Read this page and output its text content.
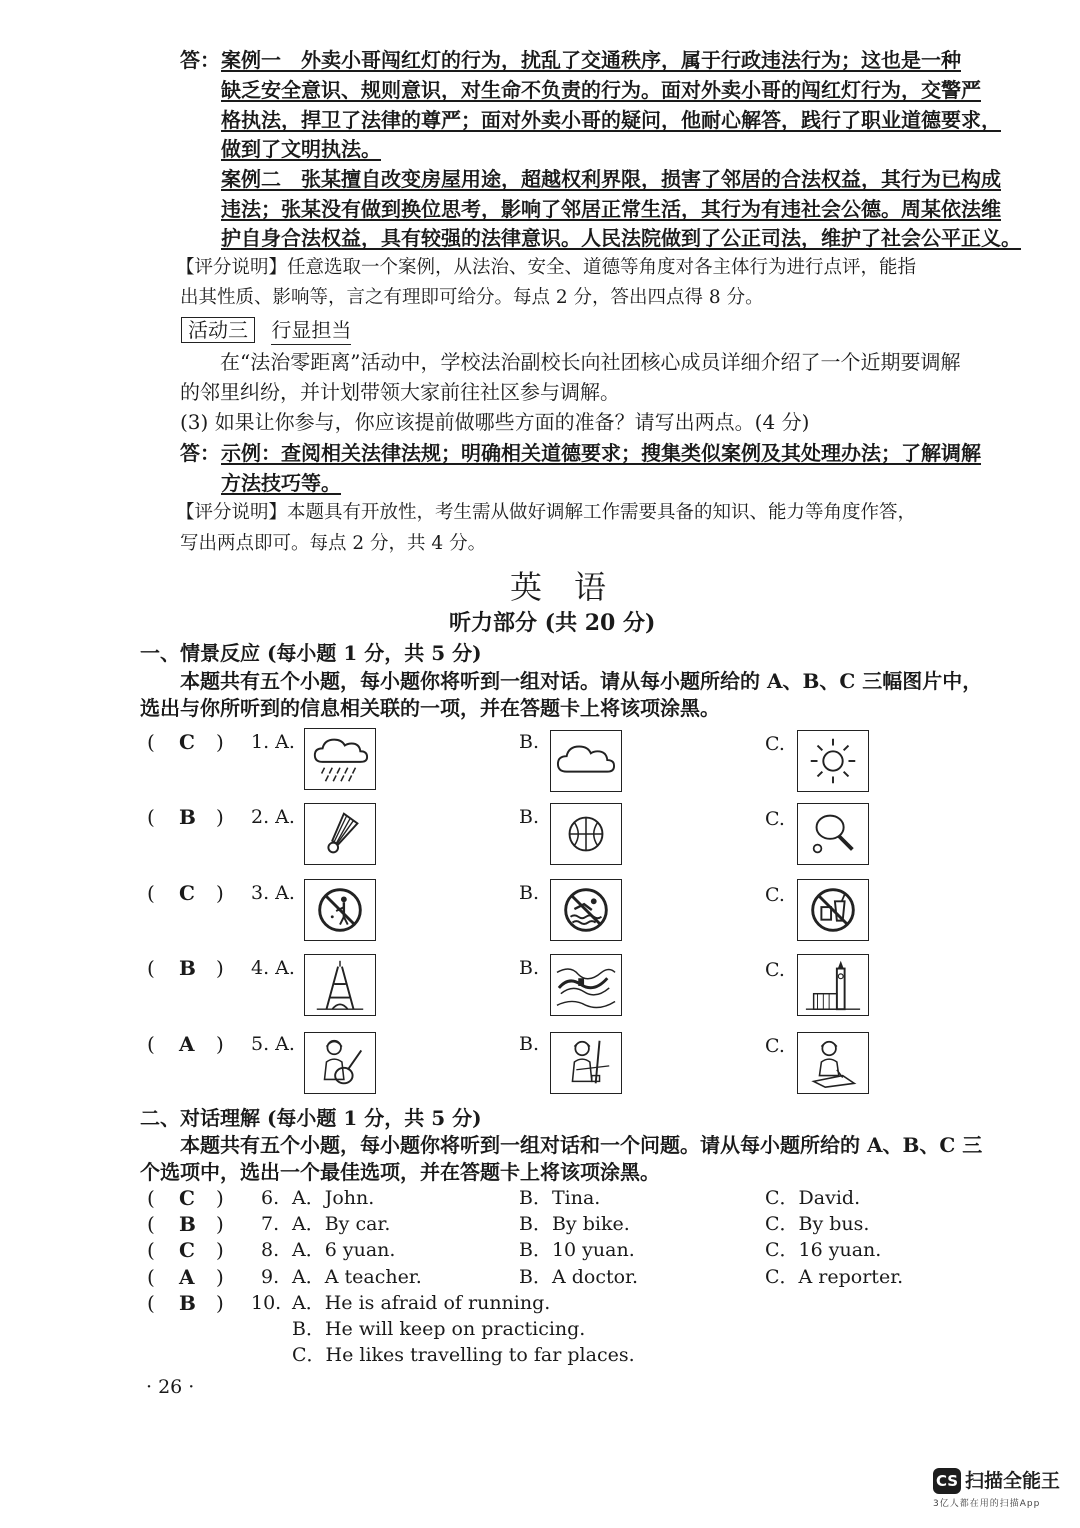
答： 案例一　外卖小哥闯红灯的行为，扰乱了交通秩序，属于行政违法行为；这也是一种
缺乏安全意识、规则意识，对生命不负责的行为。面对外卖小哥的闯红灯行为，交警严
格执法，捍卫了法律的尊严；面对外卖小哥的疑问，他耐心解答，践行了职业道德要求，
做到了文明执法。
案例二　张某擅自改变房屋用途，超越权利界限，损害了邻居的合法权益，其行为已构成
违法；张某没有做到换位思考，影响了邻居正常生活，其行为有违社会公德。周某依法维
护自身合法权益，具有较强的法律意识。人民法院做到了公正司法，维护了社会公平正义。
【评分说明】任意选取一个案例，从法治、安全、道德等角度对各主体行为进行点评，能指
出其性质、影响等，言之有理即可给分。每点 2 分，答出四点得 8 分。
活动三 行显担当
在“法治零距离”活动中，学校法治副校长向社团核心成员详细介绍了一个近期要调解
的邻里纠纷，并计划带领大家前往社区参与调解。
(3) 如果让你参与，你应该提前做哪些方面的准备？请写出两点。(4 分)
答： 示例：查阅相关法律法规；明确相关道德要求；搜集类似案例及其处理办法；了解调解
方法技巧等。
【评分说明】本题具有开放性，考生需从做好调解工作需要具备的知识、能力等角度作答，
写出两点即可。每点 2 分，共 4 分。
英　语
听力部分 (共 20 分)
一、情景反应 (每小题 1 分，共 5 分)
本题共有五个小题，每小题你将听到一组对话。请从每小题所给的 A、B、C 三幅图片中，
选出与你所听到的信息相关联的一项，并在答题卡上将该项涂黑。
( C ) 1. A.	B.	C.
( B ) 2. A.	B.	C.
( C ) 3. A.	B.	C.
( B ) 4. A.	B.	C.
( A ) 5. A.	B.	C.
二、对话理解 (每小题 1 分，共 5 分)
本题共有五个小题，每小题你将听到一组对话和一个问题。请从每小题所给的 A、B、C 三
个选项中，选出一个最佳选项，并在答题卡上将该项涂黑。
( C ) 6. A．John.	B．Tina.	C．David.
( B ) 7. A．By car.	B．By bike.	C．By bus.
( C ) 8. A．6 yuan.	B．10 yuan.	C．16 yuan.
( A ) 9. A．A teacher.	B．A doctor.	C．A reporter.
( B ) 10. A．He is afraid of running.
B．He will keep on practicing.
C．He likes travelling to far places.
· 26 ·
CS 扫描全能王
3亿人都在用的扫描App
